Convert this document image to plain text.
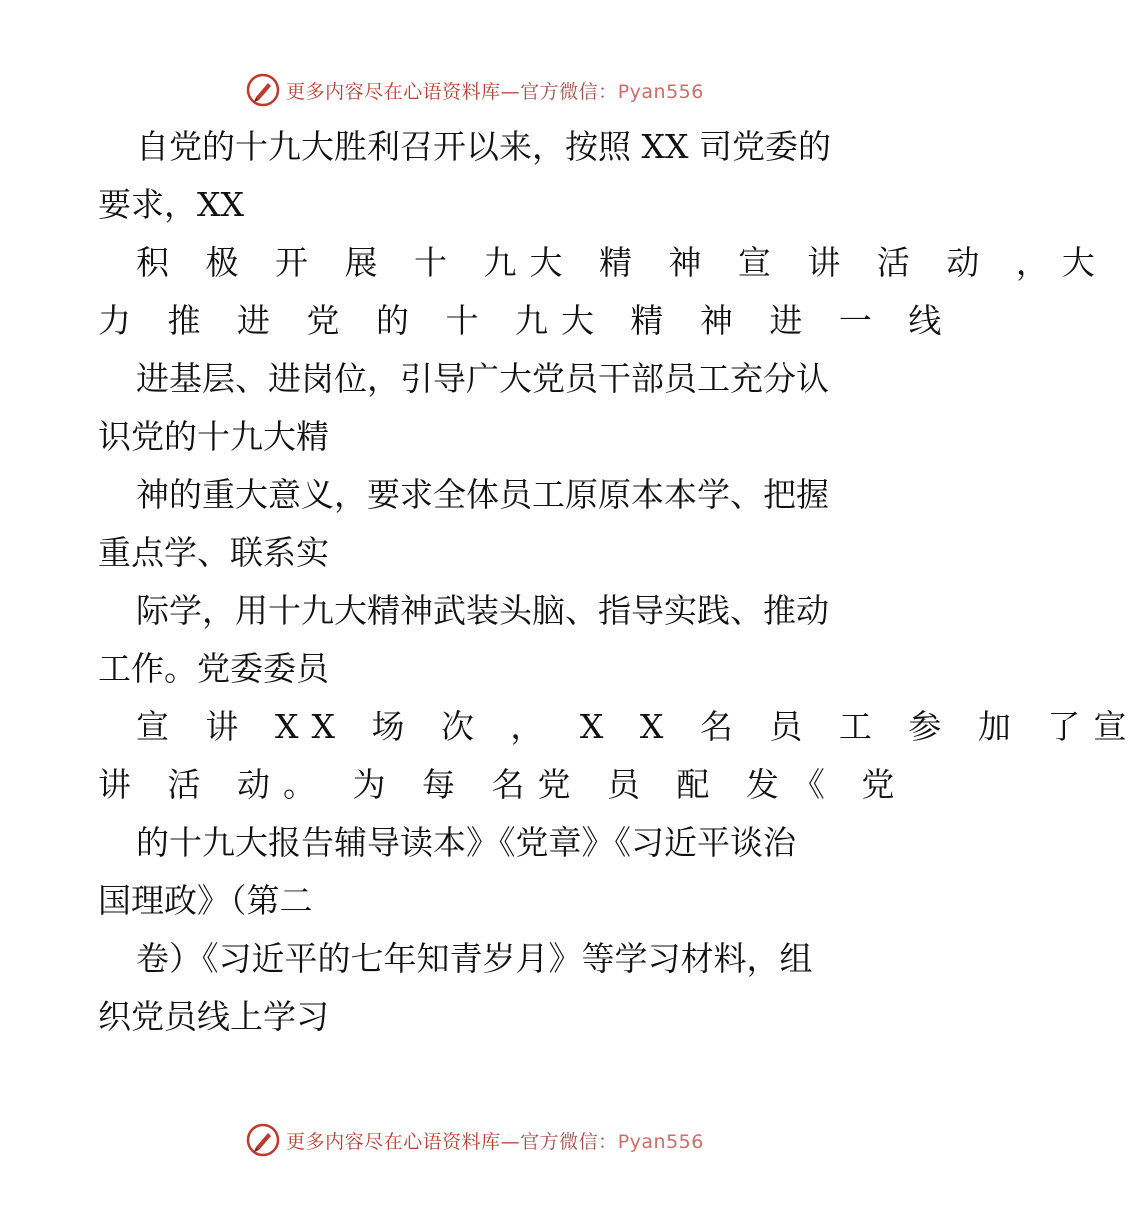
更多内容尽在心语资料库—官方微信：Pyan556
自党的十九大胜利召开以来，按照 XX 司党委的
要求，XX
积 极 开 展 十 九大 精 神 宣 讲 活 动 ，大
力 推 进 党 的 十 九大 精 神 进 一 线
进基层、进岗位，引导广大党员干部员工充分认
识党的十九大精
神的重大意义，要求全体员工原原本本学、把握
重点学、联系实
际学，用十九大精神武装头脑、指导实践、推动
工作。党委委员
宣 讲 XX 场 次 ， X X 名 员 工 参 加 了宣
讲 活 动。 为 每 名党 员 配 发《 党
的十九大报告辅导读本》《党章》《习近平谈治
国理政》（第二
卷）《习近平的七年知青岁月》等学习材料，组
织党员线上学习
更多内容尽在心语资料库—官方微信：Pyan556
